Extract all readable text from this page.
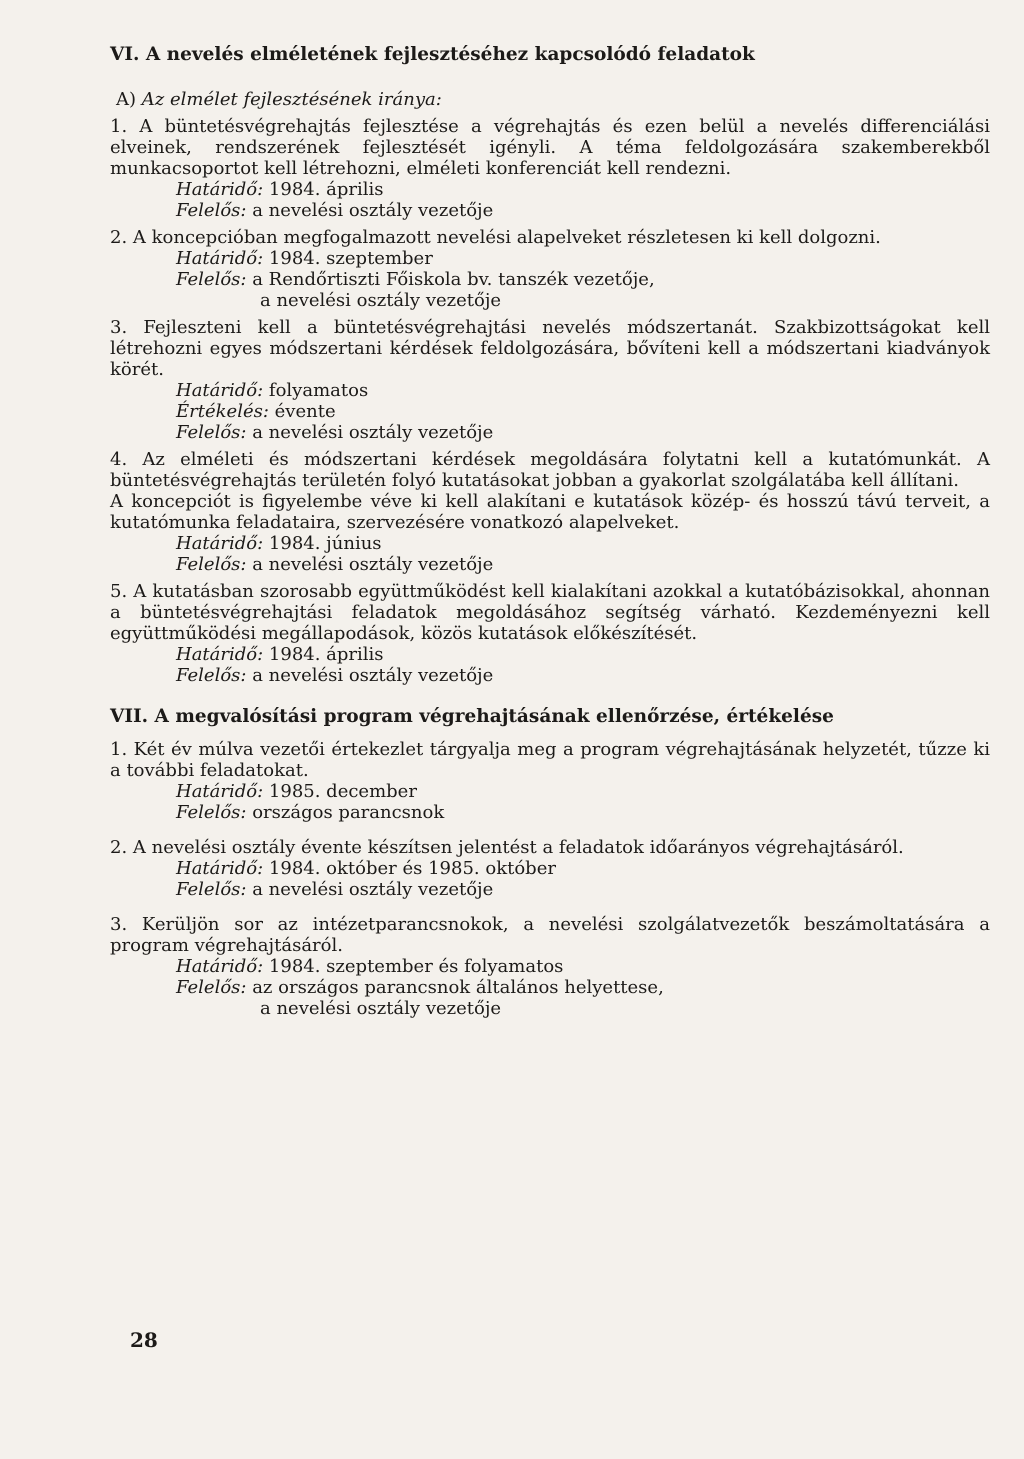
VI. A nevelés elméletének fejlesztéséhez kapcsolódó feladatok
A) Az elmélet fejlesztésének iránya:

1. A büntetésvégrehajtás fejlesztése a végrehajtás és ezen belül a nevelés differenciálási elveinek, rendszerének fejlesztését igényli. A téma feldolgozására szakemberekből munkacsoportot kell létrehozni, elméleti konferenciát kell rendezni.

Határidő: 1984. április
Felelős: a nevelési osztály vezetője

2. A koncepcióban megfogalmazott nevelési alapelveket részletesen ki kell dolgozni.

Határidő: 1984. szeptember
Felelős: a Rendőrtiszti Főiskola bv. tanszék vezetője,
a nevelési osztály vezetője

3. Fejleszteni kell a büntetésvégrehajtási nevelés módszertanát. Szakbizottságokat kell létrehozni egyes módszertani kérdések feldolgozására, bővíteni kell a módszertani kiadványok körét.

Határidő: folyamatos
Értékelés: évente
Felelős: a nevelési osztály vezetője

4. Az elméleti és módszertani kérdések megoldására folytatni kell a kutatómunkát. A büntetésvégrehajtás területén folyó kutatásokat jobban a gyakorlat szolgálatába kell állítani.

A koncepciót is figyelembe véve ki kell alakítani e kutatások közép- és hosszú távú terveit, a kutatómunka feladataira, szervezésére vonatkozó alapelveket.

Határidő: 1984. június
Felelős: a nevelési osztály vezetője

5. A kutatásban szorosabb együttműködést kell kialakítani azokkal a kutatóbázisokkal, ahonnan a büntetésvégrehajtási feladatok megoldásához segítség várható. Kezdeményezni kell együttműködési megállapodások, közös kutatások előkészítését.

Határidő: 1984. április
Felelős: a nevelési osztály vezetője
VII. A megvalósítási program végrehajtásának ellenőrzése, értékelése

1. Két év múlva vezetői értekezlet tárgyalja meg a program végrehajtásának helyzetét, tűzze ki a további feladatokat.

Határidő: 1985. december
Felelős: országos parancsnok

2. A nevelési osztály évente készítsen jelentést a feladatok időarányos végrehajtásáról.

Határidő: 1984. október és 1985. október
Felelős: a nevelési osztály vezetője

3. Kerüljön sor az intézetparancsnokok, a nevelési szolgálatvezetők beszámoltatására a program végrehajtásáról.

Határidő: 1984. szeptember és folyamatos
Felelős: az országos parancsnok általános helyettese,
a nevelési osztály vezetője
28
